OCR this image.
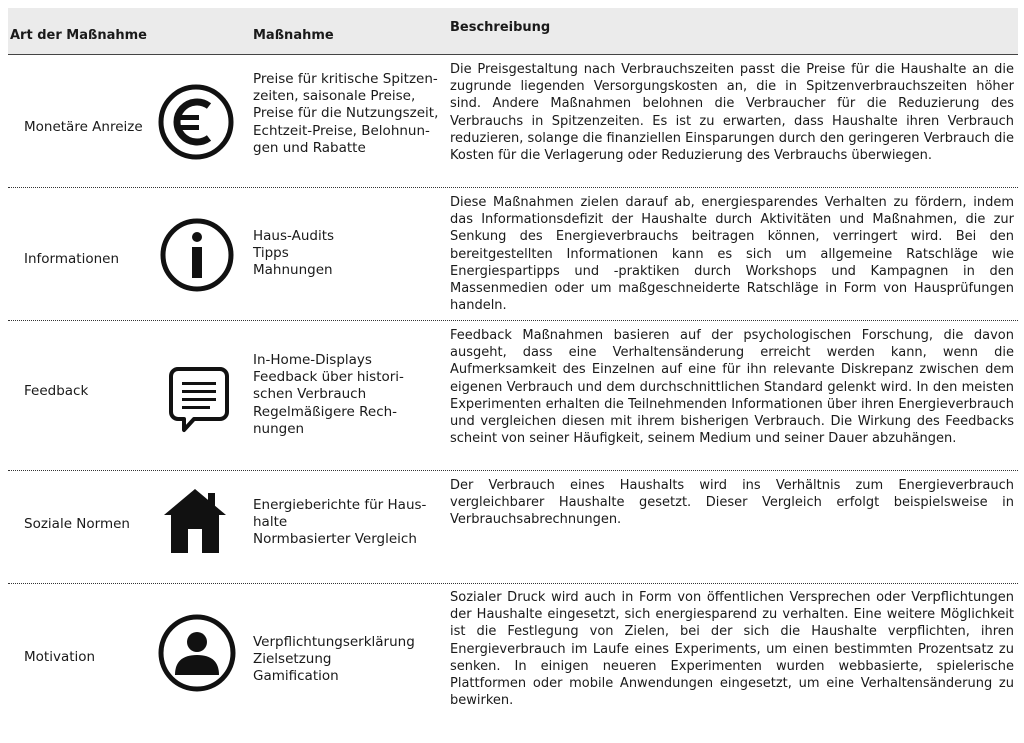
Art der Maßnahme	Maßnahme
Beschreibung
Monetäre Anreize
Preise für kritische Spitzen-
zeiten, saisonale Preise,
Preise für die Nutzungszeit,
Echtzeit-Preise, Belohnun-
gen und Rabatte
Die Preisgestaltung nach Verbrauchszeiten passt die Preise für die Haushalte an die zugrunde liegenden Versorgungskosten an, die in Spitzenverbrauchszeiten höher sind. Andere Maßnahmen belohnen die Verbraucher für die Reduzierung des Verbrauchs in Spitzenzeiten. Es ist zu erwarten, dass Haushalte ihren Verbrauch reduzieren, solange die finanziellen Einsparungen durch den geringeren Verbrauch die Kosten für die Verlagerung oder Reduzierung des Verbrauchs überwiegen.
Informationen
Haus-Audits
Tipps
Mahnungen
Diese Maßnahmen zielen darauf ab, energiesparendes Verhalten zu fördern, indem das Informationsdefizit der Haushalte durch Aktivitäten und Maßnahmen, die zur Senkung des Energieverbrauchs beitragen können, verringert wird. Bei den bereitgestellten Informationen kann es sich um allgemeine Ratschläge wie Energiespartipps und -praktiken durch Workshops und Kampagnen in den Massenmedien oder um maßgeschneiderte Ratschläge in Form von Hausprüfungen handeln.
Feedback
In-Home-Displays
Feedback über histori-
schen Verbrauch
Regelmäßigere Rech-
nungen
Feedback Maßnahmen basieren auf der psychologischen Forschung, die davon ausgeht, dass eine Verhaltensänderung erreicht werden kann, wenn die Aufmerksamkeit des Einzelnen auf eine für ihn relevante Diskrepanz zwischen dem eigenen Verbrauch und dem durchschnittlichen Standard gelenkt wird. In den meisten Experimenten erhalten die Teilnehmenden Informationen über ihren Energieverbrauch und vergleichen diesen mit ihrem bisherigen Verbrauch. Die Wirkung des Feedbacks scheint von seiner Häufigkeit, seinem Medium und seiner Dauer abzuhängen.
Soziale Normen
Energieberichte für Haus-
halte
Normbasierter Vergleich
Der Verbrauch eines Haushalts wird ins Verhältnis zum Energieverbrauch vergleichbarer Haushalte gesetzt. Dieser Vergleich erfolgt beispielsweise in Verbrauchsabrechnungen.
Motivation
Verpflichtungserklärung
Zielsetzung
Gamification
Sozialer Druck wird auch in Form von öffentlichen Versprechen oder Verpflichtungen der Haushalte eingesetzt, sich energiesparend zu verhalten. Eine weitere Möglichkeit ist die Festlegung von Zielen, bei der sich die Haushalte verpflichten, ihren Energieverbrauch im Laufe eines Experiments, um einen bestimmten Prozentsatz zu senken. In einigen neueren Experimenten wurden webbasierte, spielerische Plattformen oder mobile Anwendungen eingesetzt, um eine Verhaltensänderung zu bewirken.
